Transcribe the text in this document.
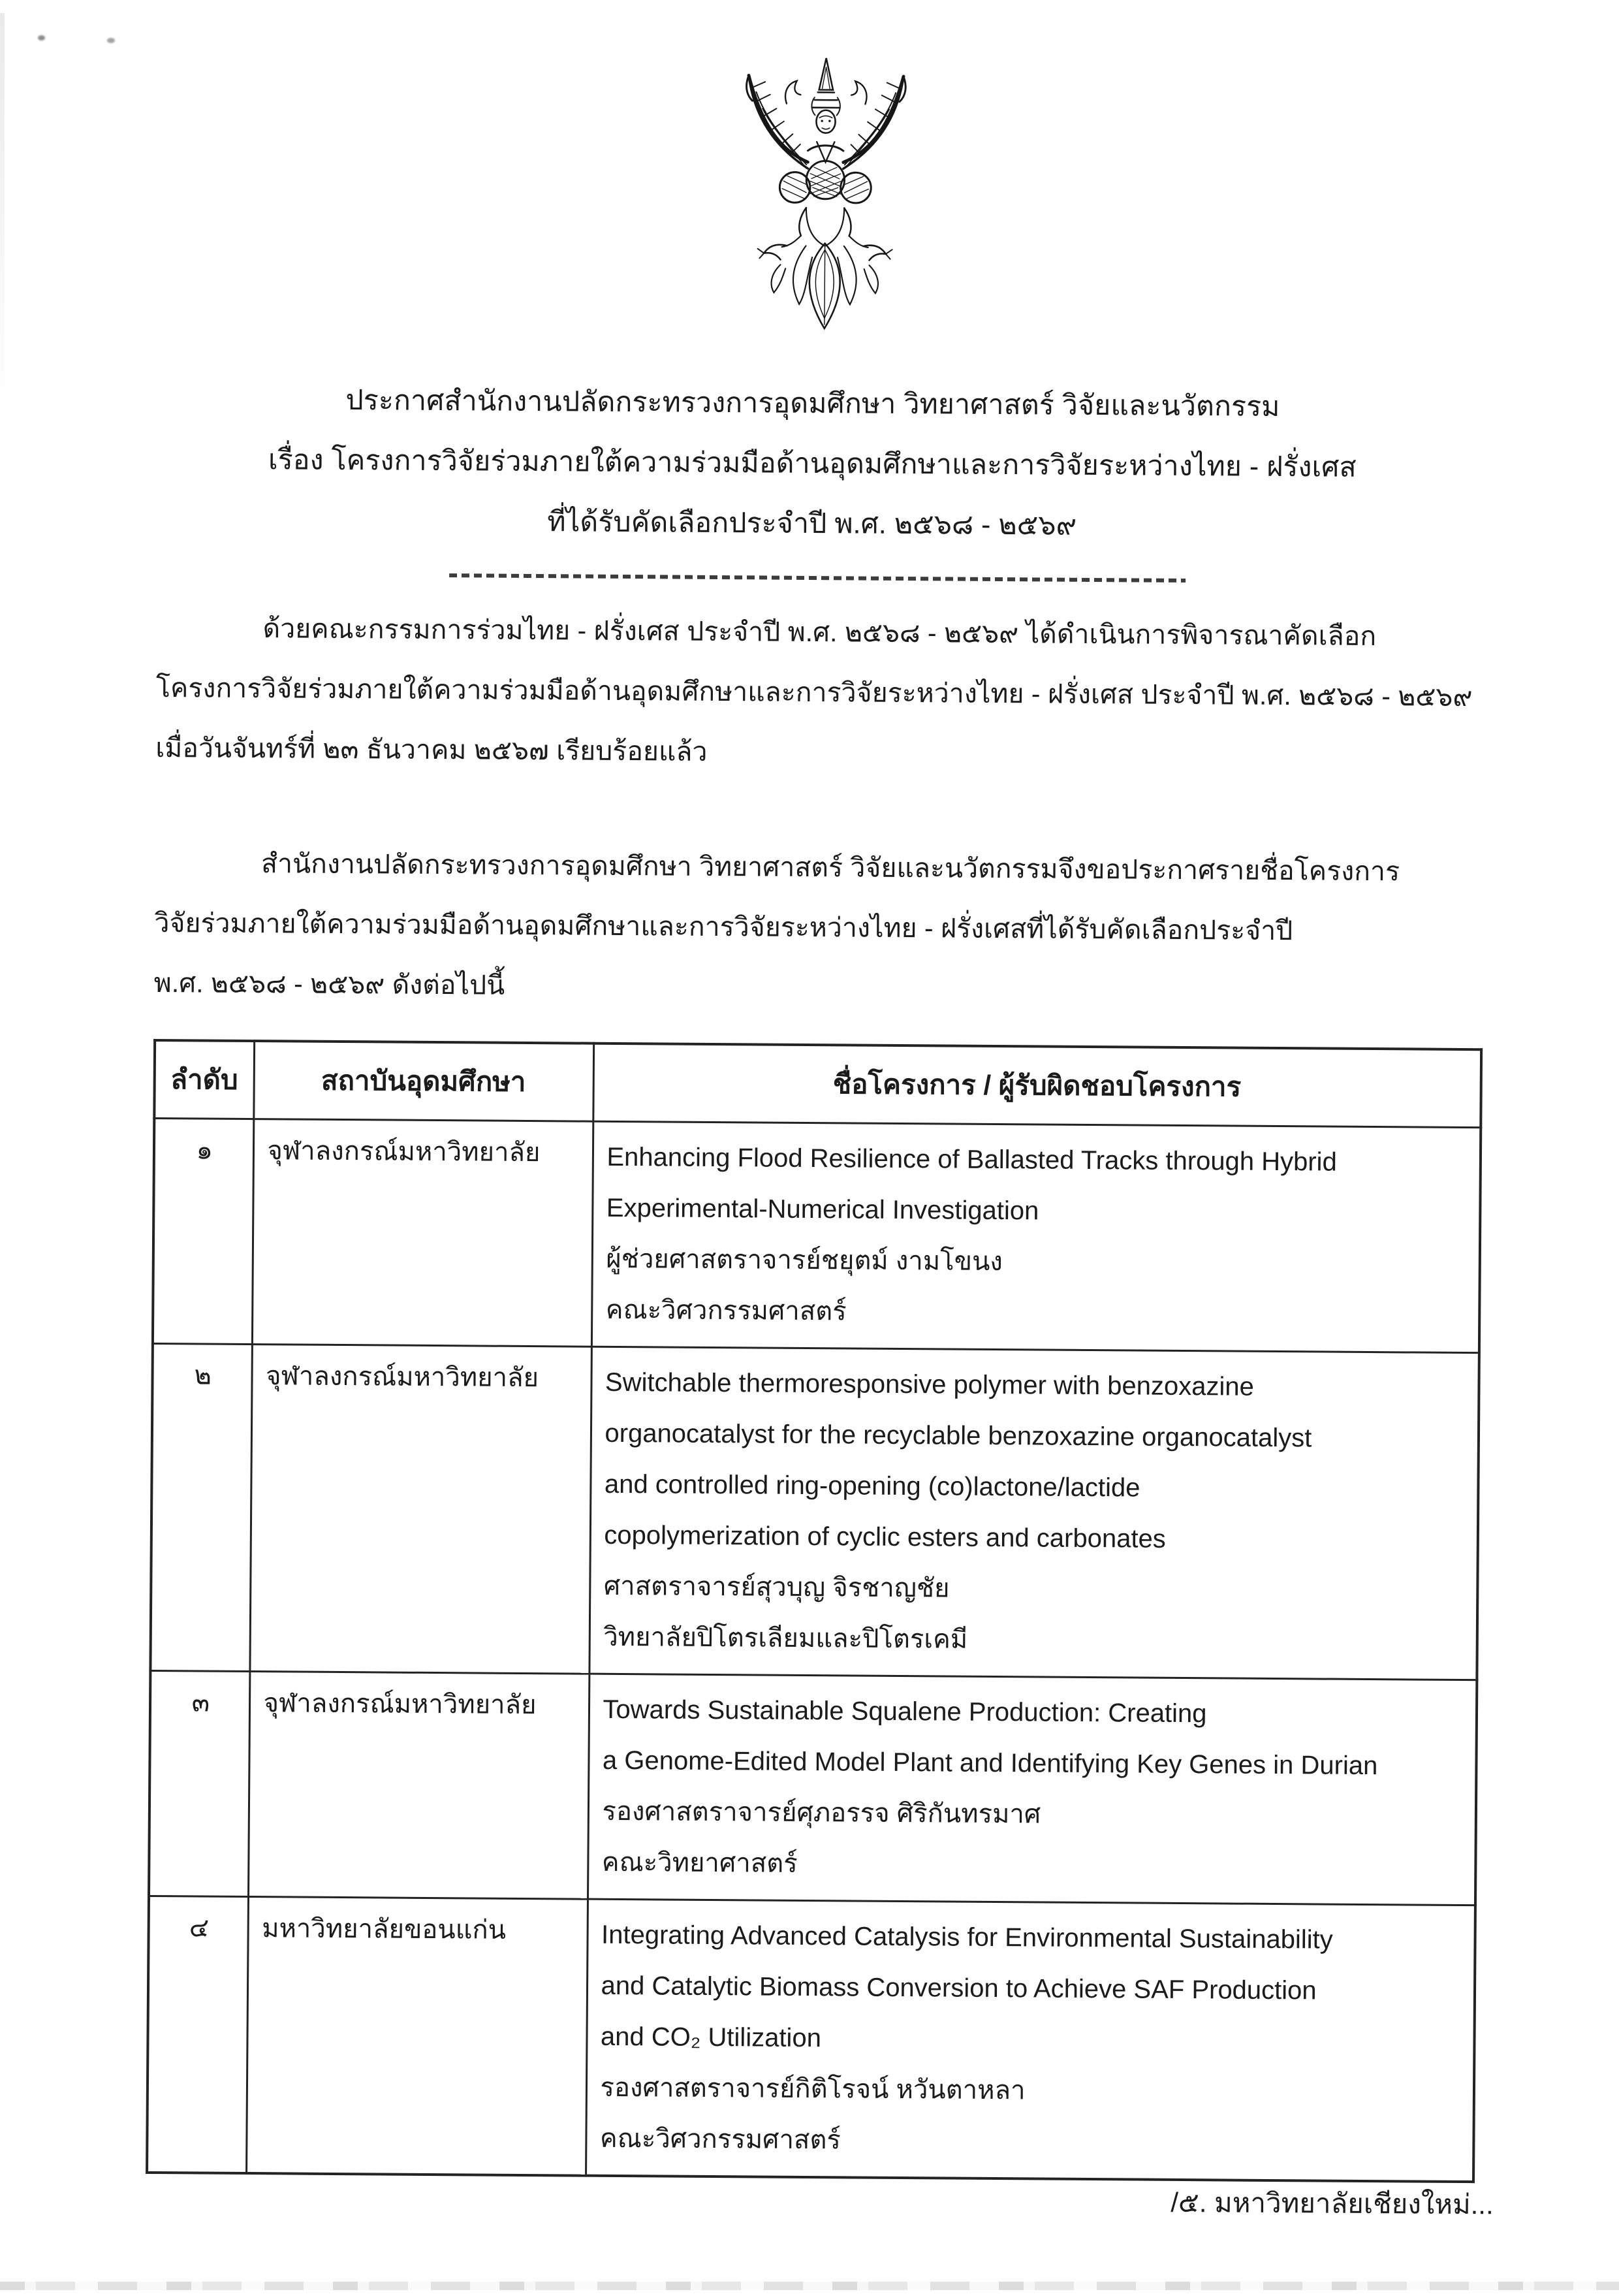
ประกาศสำนักงานปลัดกระทรวงการอุดมศึกษา วิทยาศาสตร์ วิจัยและนวัตกรรม
เรื่อง โครงการวิจัยร่วมภายใต้ความร่วมมือด้านอุดมศึกษาและการวิจัยระหว่างไทย - ฝรั่งเศส
ที่ได้รับคัดเลือกประจำปี พ.ศ. ๒๕๖๘ - ๒๕๖๙
ด้วยคณะกรรมการร่วมไทย - ฝรั่งเศส ประจำปี พ.ศ. ๒๕๖๘ - ๒๕๖๙ ได้ดำเนินการพิจารณาคัดเลือก
โครงการวิจัยร่วมภายใต้ความร่วมมือด้านอุดมศึกษาและการวิจัยระหว่างไทย - ฝรั่งเศส ประจำปี พ.ศ. ๒๕๖๘ - ๒๕๖๙
เมื่อวันจันทร์ที่ ๒๓ ธันวาคม ๒๕๖๗ เรียบร้อยแล้ว
สำนักงานปลัดกระทรวงการอุดมศึกษา วิทยาศาสตร์ วิจัยและนวัตกรรมจึงขอประกาศรายชื่อโครงการ
วิจัยร่วมภายใต้ความร่วมมือด้านอุดมศึกษาและการวิจัยระหว่างไทย - ฝรั่งเศสที่ได้รับคัดเลือกประจำปี
พ.ศ. ๒๕๖๘ - ๒๕๖๙ ดังต่อไปนี้
ลำดับ	สถาบันอุดมศึกษา	ชื่อโครงการ / ผู้รับผิดชอบโครงการ
๑	จุฬาลงกรณ์มหาวิทยาลัย	Enhancing Flood Resilience of Ballasted Tracks through Hybrid
Experimental-Numerical Investigation
ผู้ช่วยศาสตราจารย์ชยุตม์ งามโขนง
คณะวิศวกรรมศาสตร์

๒	จุฬาลงกรณ์มหาวิทยาลัย	Switchable thermoresponsive polymer with benzoxazine
organocatalyst for the recyclable benzoxazine organocatalyst
and controlled ring-opening (co)lactone/lactide
copolymerization of cyclic esters and carbonates
ศาสตราจารย์สุวบุญ จิรชาญชัย
วิทยาลัยปิโตรเลียมและปิโตรเคมี

๓	จุฬาลงกรณ์มหาวิทยาลัย	Towards Sustainable Squalene Production: Creating
a Genome-Edited Model Plant and Identifying Key Genes in Durian
รองศาสตราจารย์ศุภอรรจ ศิริกันทรมาศ
คณะวิทยาศาสตร์

๔	มหาวิทยาลัยขอนแก่น	Integrating Advanced Catalysis for Environmental Sustainability
and Catalytic Biomass Conversion to Achieve SAF Production
and CO₂ Utilization
รองศาสตราจารย์กิติโรจน์ หวันตาหลา
คณะวิศวกรรมศาสตร์
/๕. มหาวิทยาลัยเชียงใหม่...
